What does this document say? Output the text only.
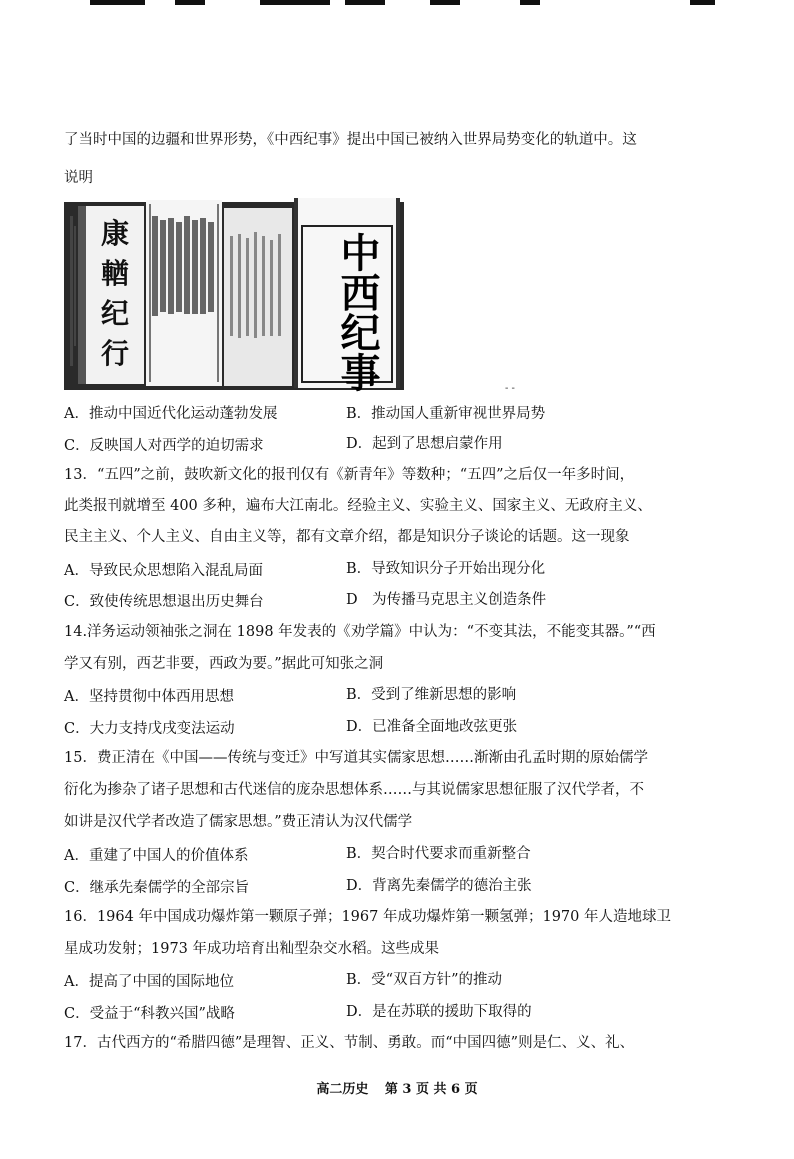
了当时中国的边疆和世界形势，《中西纪事》提出中国已被纳入世界局势变化的轨道中。这
说明
康
輶
纪
行	中西纪事	- -
A．推动中国近代化运动蓬勃发展	B．推动国人重新审视世界局势
C．反映国人对西学的迫切需求	D．起到了思想启蒙作用
13．“五四”之前，鼓吹新文化的报刊仅有《新青年》等数种；“五四”之后仅一年多时间，
此类报刊就增至 400 多种，遍布大江南北。经验主义、实验主义、国家主义、无政府主义、
民主主义、个人主义、自由主义等，都有文章介绍，都是知识分子谈论的话题。这一现象
A．导致民众思想陷入混乱局面	B．导致知识分子开始出现分化
C．致使传统思想退出历史舞台	D　为传播马克思主义创造条件
14.洋务运动领袖张之洞在 1898 年发表的《劝学篇》中认为：“不变其法，不能变其器。”“西
学又有别，西艺非要，西政为要。”据此可知张之洞
A．坚持贯彻中体西用思想	B．受到了维新思想的影响
C．大力支持戊戌变法运动	D．已准备全面地改弦更张
15．费正清在《中国——传统与变迁》中写道其实儒家思想……渐渐由孔孟时期的原始儒学
衍化为掺杂了诸子思想和古代迷信的庞杂思想体系……与其说儒家思想征服了汉代学者，不
如讲是汉代学者改造了儒家思想。”费正清认为汉代儒学
A．重建了中国人的价值体系	B．契合时代要求而重新整合
C．继承先秦儒学的全部宗旨	D．背离先秦儒学的德治主张
16．1964 年中国成功爆炸第一颗原子弹；1967 年成功爆炸第一颗氢弹；1970 年人造地球卫
星成功发射；1973 年成功培育出籼型杂交水稻。这些成果
A．提高了中国的国际地位	B．受“双百方针”的推动
C．受益于“科教兴国”战略	D．是在苏联的援助下取得的
17．古代西方的“希腊四德”是理智、正义、节制、勇敢。而“中国四德”则是仁、义、礼、
高二历史 第 3 页 共 6 页
